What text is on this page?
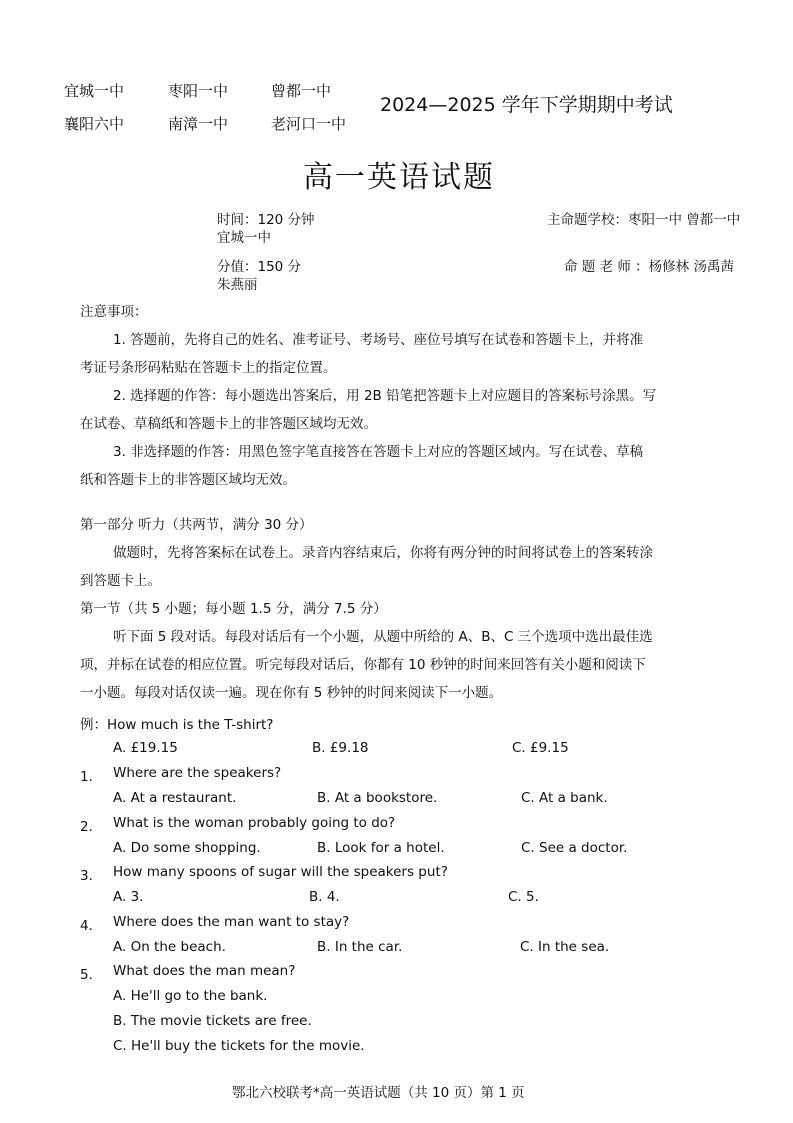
宜城一中	枣阳一中	曾都一中
襄阳六中	南漳一中	老河口一中
2024—2025 学年下学期期中考试
高一英语试题
时间：120 分钟	主命题学校：枣阳一中 曾都一中
宜城一中
分值：150 分	命 题 老 师 ：杨修林 汤禹茜
朱燕丽
注意事项：
1. 答题前，先将自己的姓名、准考证号、考场号、座位号填写在试卷和答题卡上，并将准
考证号条形码粘贴在答题卡上的指定位置。
2. 选择题的作答：每小题选出答案后，用 2B 铅笔把答题卡上对应题目的答案标号涂黑。写
在试卷、草稿纸和答题卡上的非答题区域均无效。
3. 非选择题的作答：用黑色签字笔直接答在答题卡上对应的答题区域内。写在试卷、草稿
纸和答题卡上的非答题区域均无效。
第一部分 听力（共两节，满分 30 分）
做题时，先将答案标在试卷上。录音内容结束后，你将有两分钟的时间将试卷上的答案转涂
到答题卡上。
第一节（共 5 小题；每小题 1.5 分，满分 7.5 分）
听下面 5 段对话。每段对话后有一个小题，从题中所给的 A、B、C 三个选项中选出最佳选
项，并标在试卷的相应位置。听完每段对话后，你都有 10 秒钟的时间来回答有关小题和阅读下
一小题。每段对话仅读一遍。现在你有 5 秒钟的时间来阅读下一小题。
例：How much is the T-shirt?
A. £19.15	B. £9.18	C. £9.15
1． Where are the speakers?
A. At a restaurant.	B. At a bookstore.	C. At a bank.
2． What is the woman probably going to do?
A. Do some shopping.	B. Look for a hotel.	C. See a doctor.
3． How many spoons of sugar will the speakers put?
A. 3.	B. 4.	C. 5.
4． Where does the man want to stay?
A. On the beach.	B. In the car.	C. In the sea.
5． What does the man mean?
A. He'll go to the bank.
B. The movie tickets are free.
C. He'll buy the tickets for the movie.
鄂北六校联考*高一英语试题（共 10 页）第 1 页
